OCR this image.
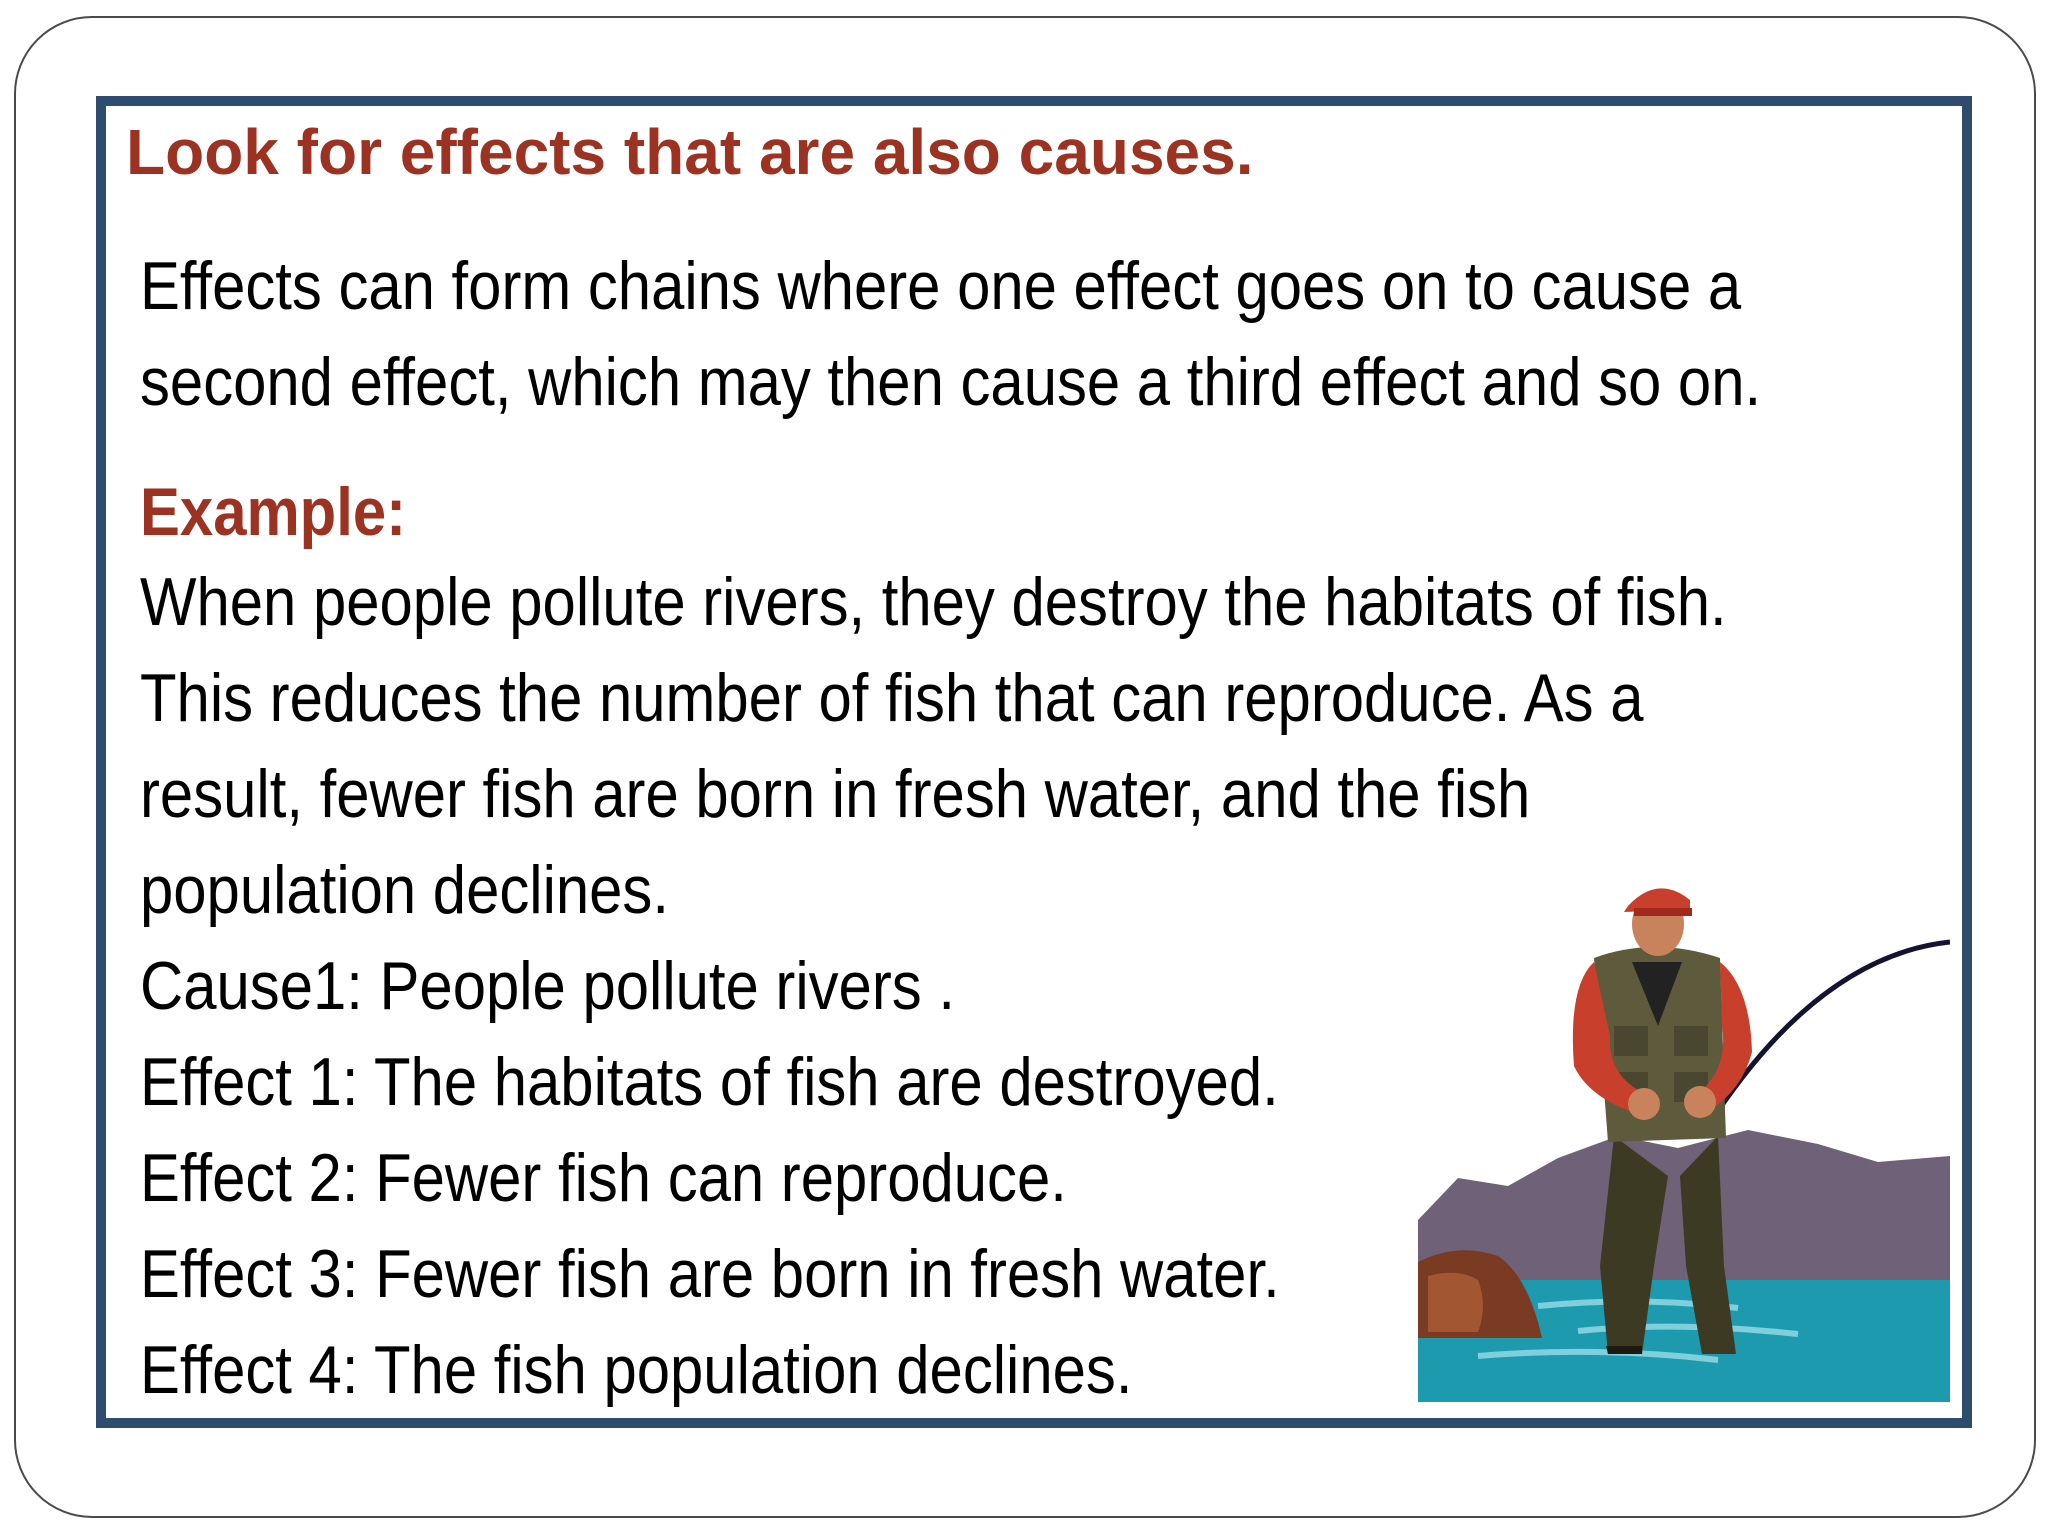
Look for effects that are also causes.
Effects can form chains where one effect goes on to cause a
second effect, which may then cause a third effect and so on.
Example:
When people pollute rivers, they destroy the habitats of fish.
This reduces the number of fish that can reproduce. As a
result, fewer fish are born in fresh water, and the fish
population declines.
Cause1: People pollute rivers .
Effect 1: The habitats of fish are destroyed.
Effect 2: Fewer fish can reproduce.
Effect 3: Fewer fish are born in fresh water.
Effect 4: The fish population declines.
